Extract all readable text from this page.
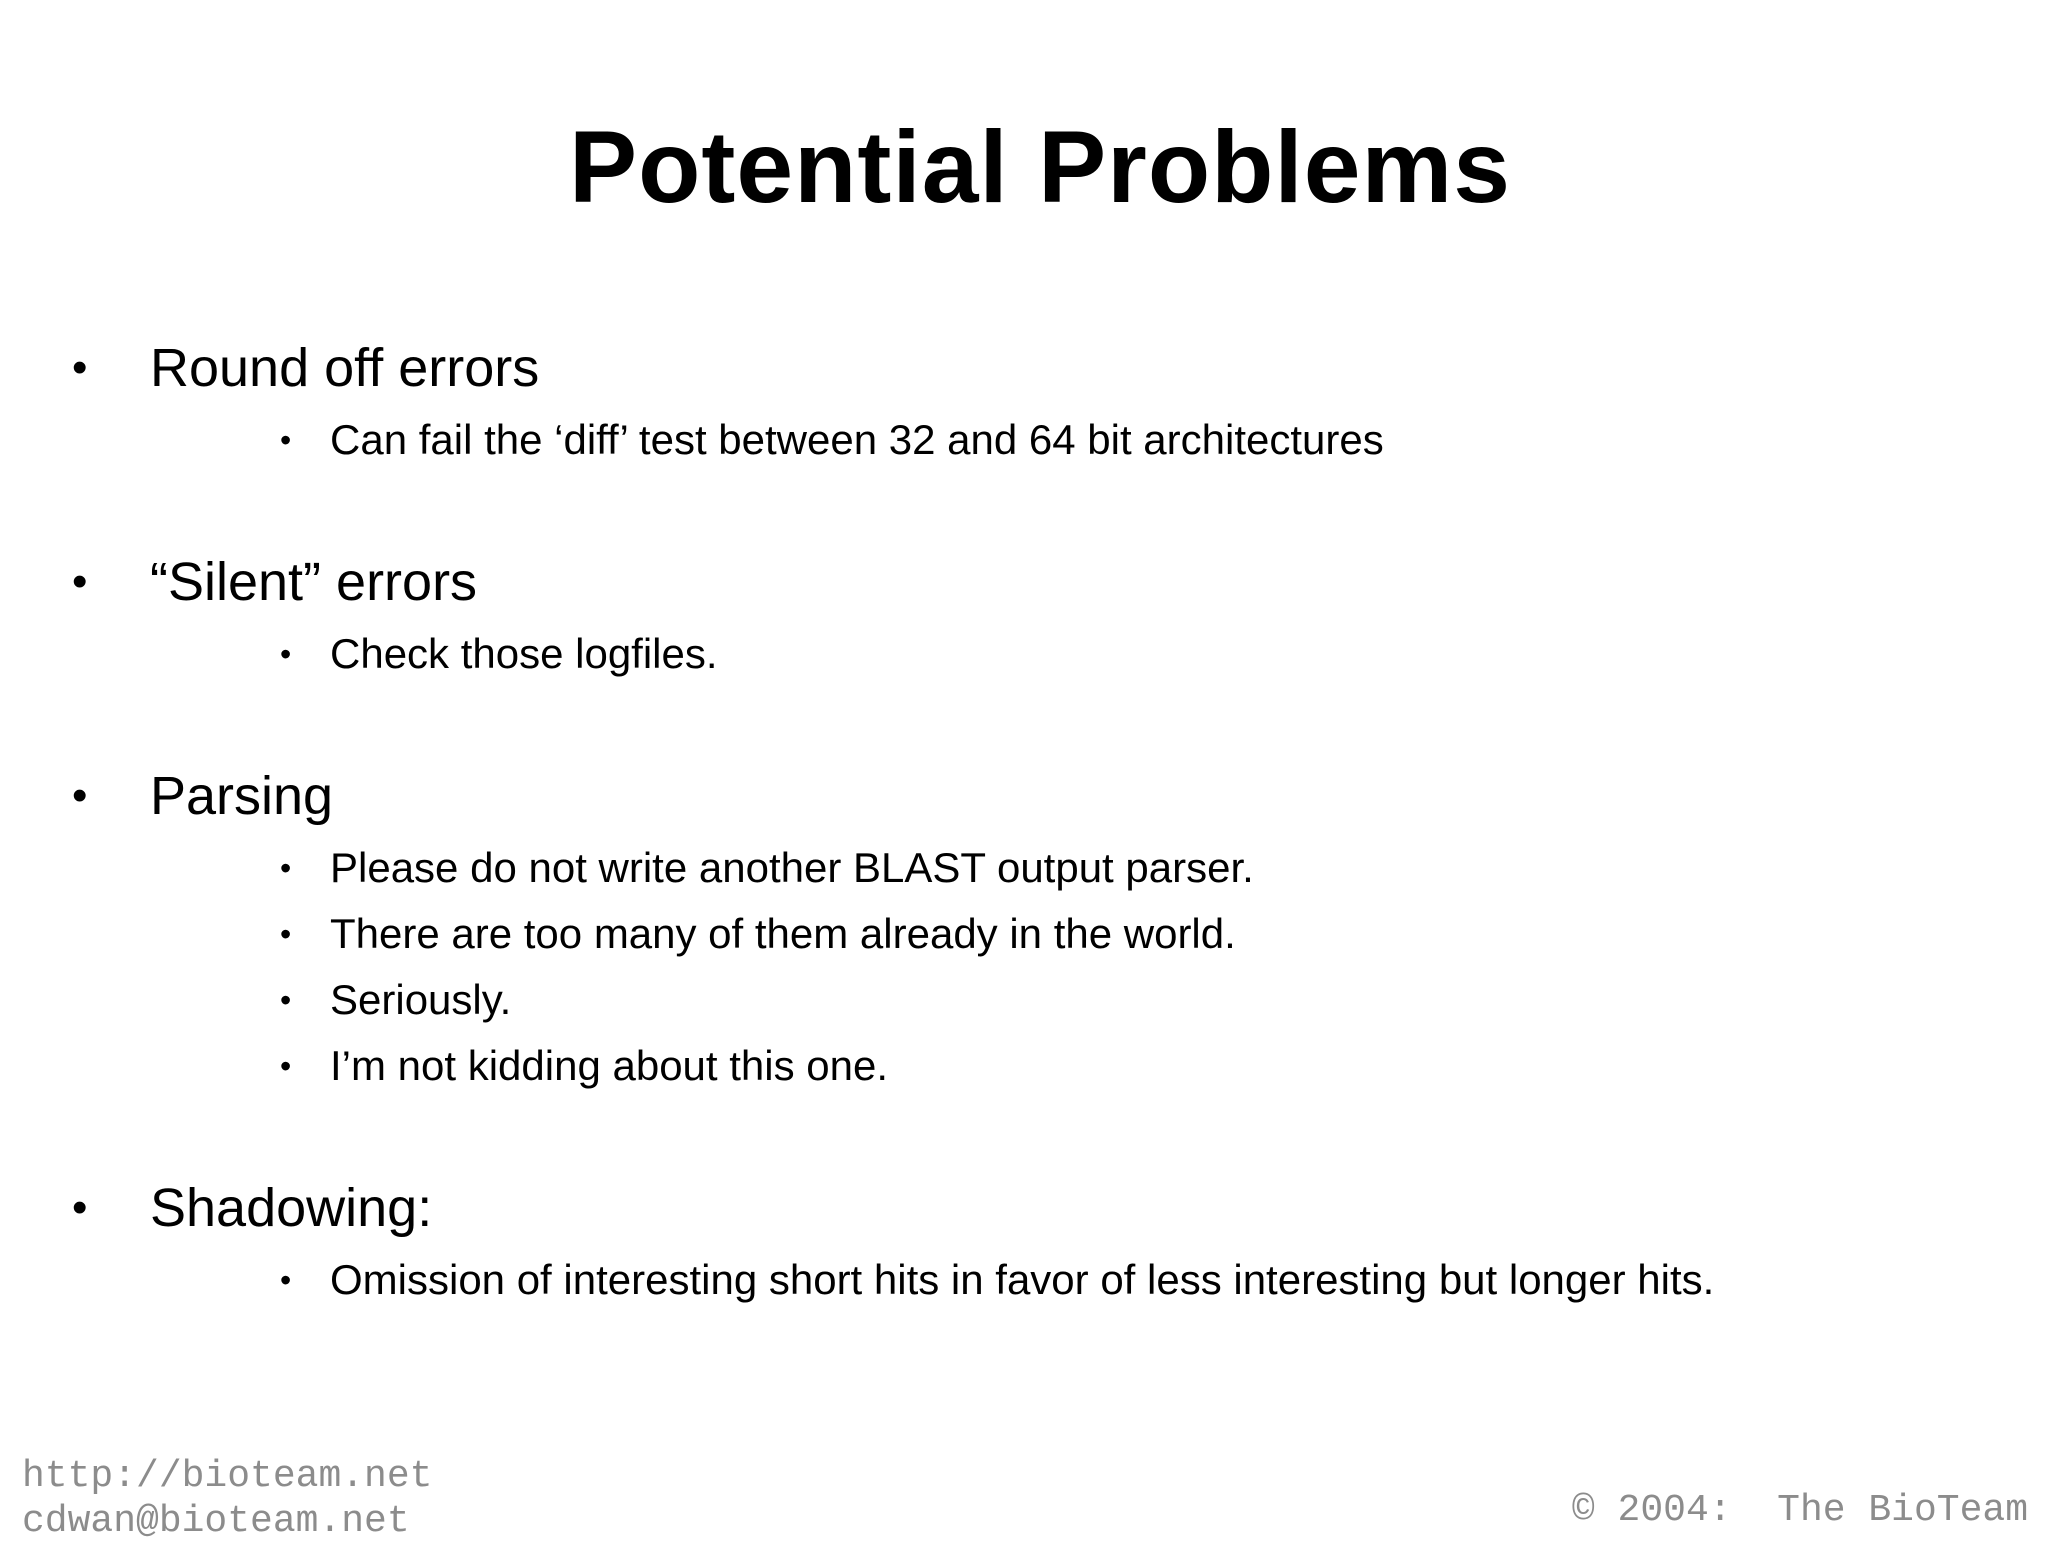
Potential Problems
• Round off errors
• Can fail the ‘diff’ test between 32 and 64 bit architectures
• “Silent” errors
• Check those logfiles.
• Parsing
• Please do not write another BLAST output parser.
• There are too many of them already in the world.
• Seriously.
• I’m not kidding about this one.
• Shadowing:
• Omission of interesting short hits in favor of less interesting but longer hits.
http://bioteam.net
cdwan@bioteam.net	© 2004:  The BioTeam
